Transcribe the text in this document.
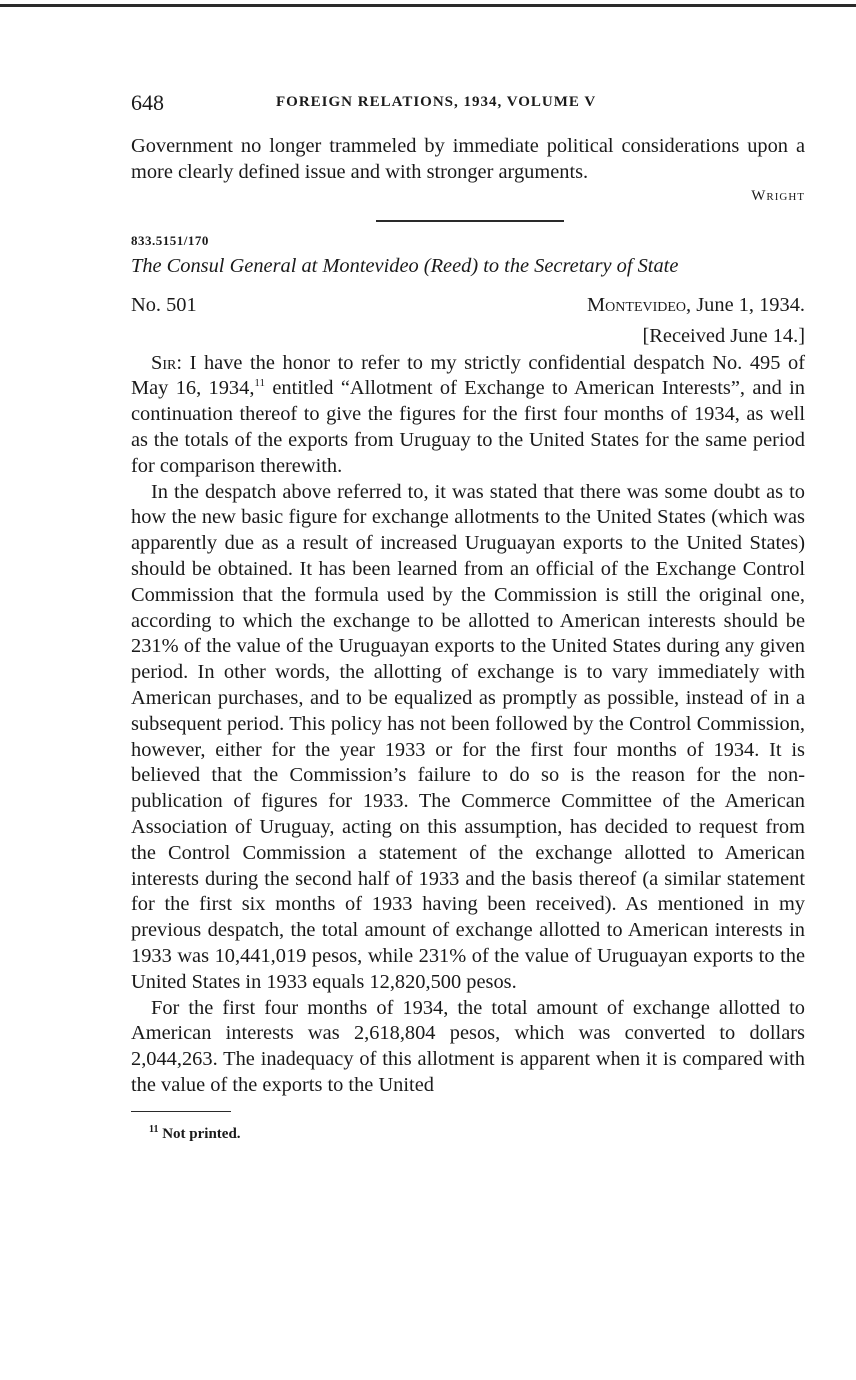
648	FOREIGN RELATIONS, 1934, VOLUME V

Government no longer trammeled by immediate political considerations upon a more clearly defined issue and with stronger arguments.

Wright
833.5151/170
The Consul General at Montevideo (Reed) to the Secretary of State
No. 501	Montevideo, June 1, 1934.
[Received June 14.]

Sir: I have the honor to refer to my strictly confidential despatch No. 495 of May 16, 1934,11 entitled “Allotment of Exchange to American Interests”, and in continuation thereof to give the figures for the first four months of 1934, as well as the totals of the exports from Uruguay to the United States for the same period for comparison therewith.

In the despatch above referred to, it was stated that there was some doubt as to how the new basic figure for exchange allotments to the United States (which was apparently due as a result of increased Uruguayan exports to the United States) should be obtained. It has been learned from an official of the Exchange Control Commission that the formula used by the Commission is still the original one, according to which the exchange to be allotted to American interests should be 231% of the value of the Uruguayan exports to the United States during any given period. In other words, the allotting of exchange is to vary immediately with American purchases, and to be equalized as promptly as possible, instead of in a subsequent period. This policy has not been followed by the Control Commission, however, either for the year 1933 or for the first four months of 1934. It is believed that the Commission’s failure to do so is the reason for the non-publication of figures for 1933. The Commerce Committee of the American Association of Uruguay, acting on this assumption, has decided to request from the Control Commission a statement of the exchange allotted to American interests during the second half of 1933 and the basis thereof (a similar statement for the first six months of 1933 having been received). As mentioned in my previous despatch, the total amount of exchange allotted to American interests in 1933 was 10,441,019 pesos, while 231% of the value of Uruguayan exports to the United States in 1933 equals 12,820,500 pesos.

For the first four months of 1934, the total amount of exchange allotted to American interests was 2,618,804 pesos, which was converted to dollars 2,044,263. The inadequacy of this allotment is apparent when it is compared with the value of the exports to the United

$^{11}$ Not printed.
